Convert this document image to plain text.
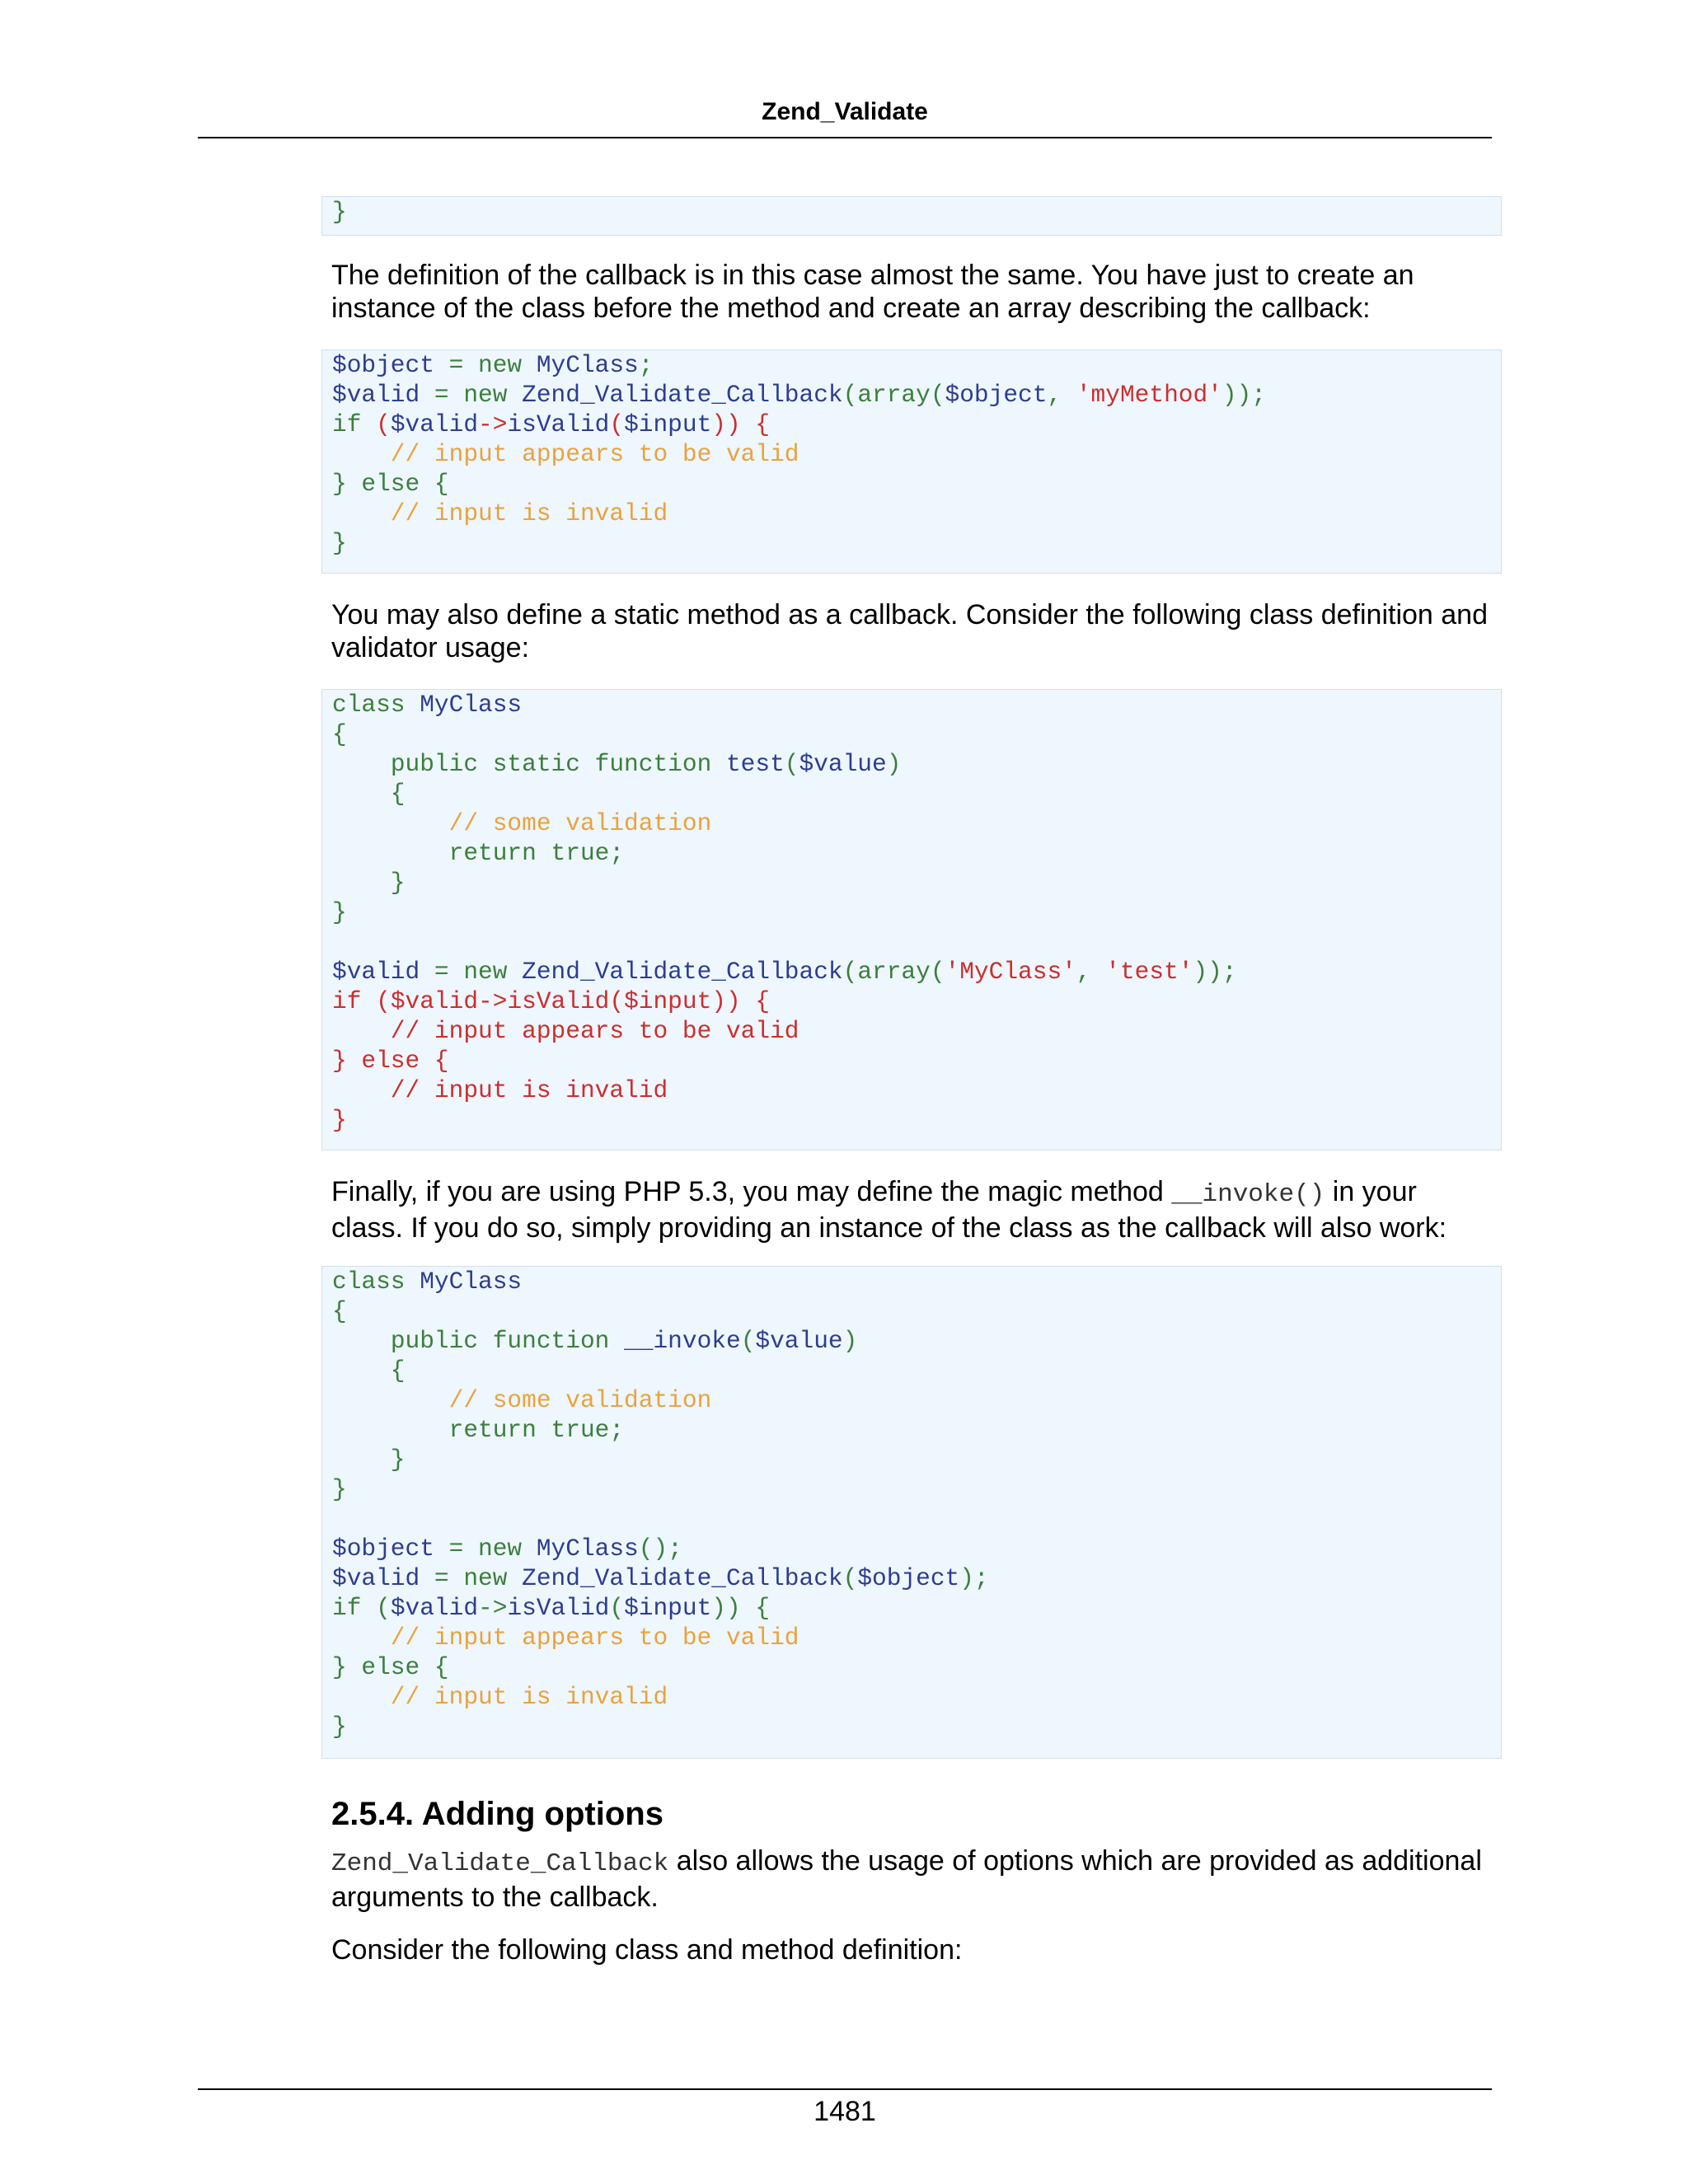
Zend_Validate
}

The definition of the callback is in this case almost the same. You have just to create an instance of the class before the method and create an array describing the callback:

$object = new MyClass;
$valid = new Zend_Validate_Callback(array($object, 'myMethod'));
if ($valid->isValid($input)) {
// input appears to be valid
} else {
// input is invalid
}

You may also define a static method as a callback. Consider the following class definition and validator usage:

class MyClass
{
public static function test($value)
{
// some validation
return true;
}
}
$valid = new Zend_Validate_Callback(array('MyClass', 'test'));
if ($valid->isValid($input)) {
// input appears to be valid
} else {
// input is invalid
}

Finally, if you are using PHP 5.3, you may define the magic method __invoke() in your class. If you do so, simply providing an instance of the class as the callback will also work:

class MyClass
{
public function __invoke($value)
{
// some validation
return true;
}
}
$object = new MyClass();
$valid = new Zend_Validate_Callback($object);
if ($valid->isValid($input)) {
// input appears to be valid
} else {
// input is invalid
}
2.5.4. Adding options

Zend_Validate_Callback also allows the usage of options which are provided as additional arguments to the callback.

Consider the following class and method definition:

1481
